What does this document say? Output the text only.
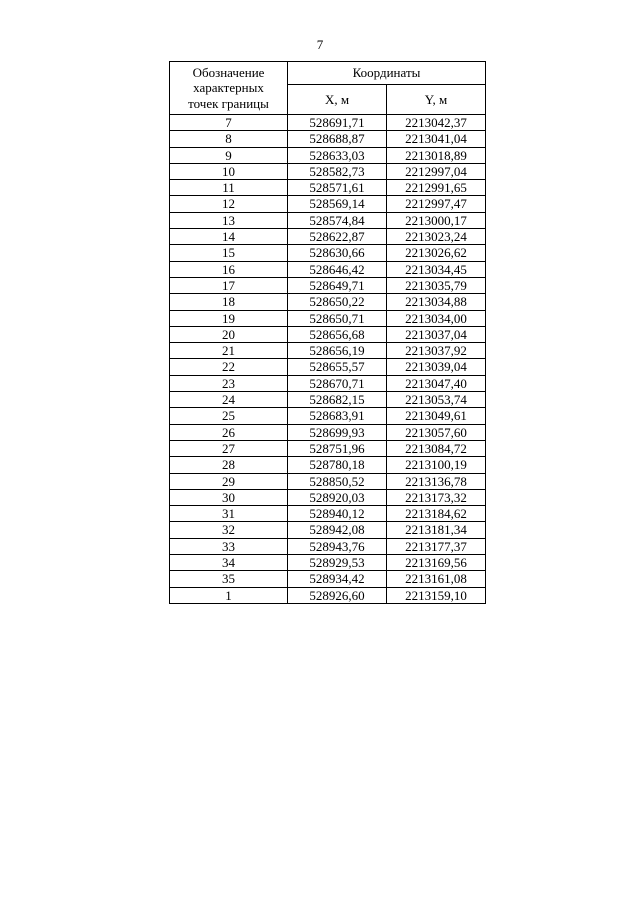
7
Обозначение
характерных
точек границы	Координаты	
	X, м	Y, м
7	528691,71	2213042,37
8	528688,87	2213041,04
9	528633,03	2213018,89
10	528582,73	2212997,04
11	528571,61	2212991,65
12	528569,14	2212997,47
13	528574,84	2213000,17
14	528622,87	2213023,24
15	528630,66	2213026,62
16	528646,42	2213034,45
17	528649,71	2213035,79
18	528650,22	2213034,88
19	528650,71	2213034,00
20	528656,68	2213037,04
21	528656,19	2213037,92
22	528655,57	2213039,04
23	528670,71	2213047,40
24	528682,15	2213053,74
25	528683,91	2213049,61
26	528699,93	2213057,60
27	528751,96	2213084,72
28	528780,18	2213100,19
29	528850,52	2213136,78
30	528920,03	2213173,32
31	528940,12	2213184,62
32	528942,08	2213181,34
33	528943,76	2213177,37
34	528929,53	2213169,56
35	528934,42	2213161,08
1	528926,60	2213159,10
